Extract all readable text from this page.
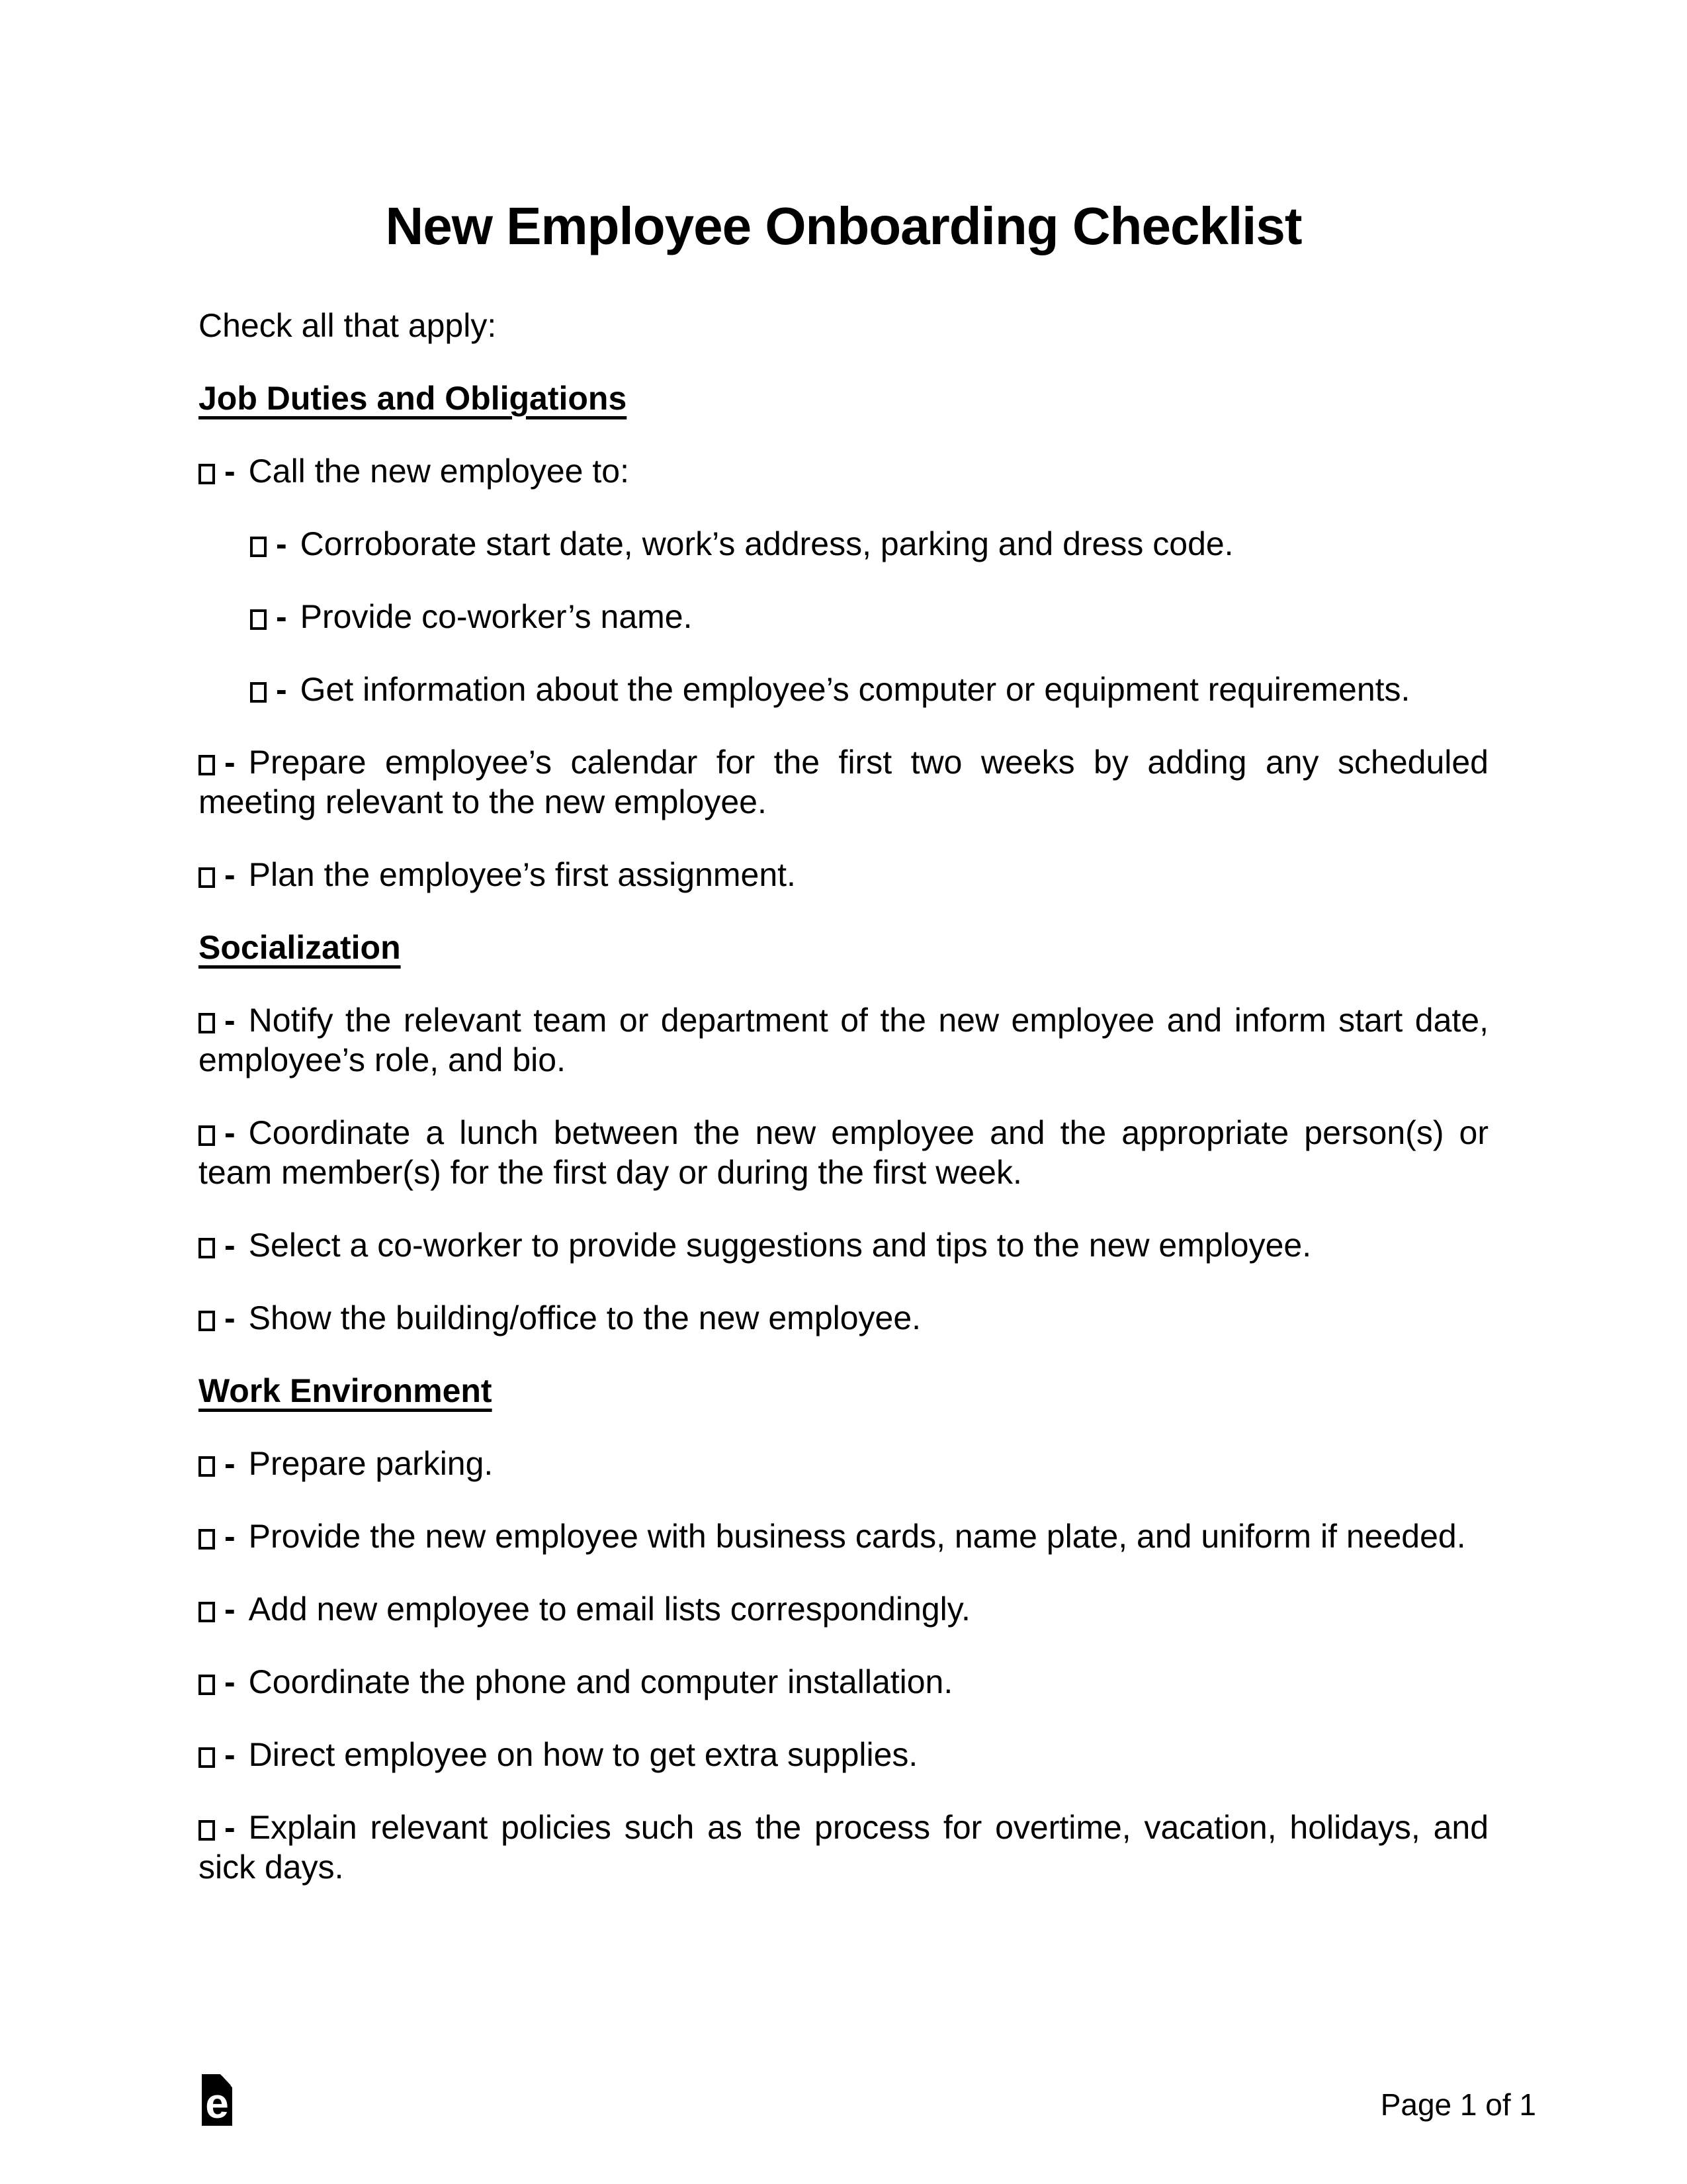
New Employee Onboarding Checklist

Check all that apply:

Job Duties and Obligations

- Call the new employee to:

- Corroborate start date, work’s address, parking and dress code.

- Provide co-worker’s name.

- Get information about the employee’s computer or equipment requirements.

- Prepare employee’s calendar for the first two weeks by adding any scheduled meeting relevant to the new employee.

- Plan the employee’s first assignment.

Socialization

- Notify the relevant team or department of the new employee and inform start date, employee’s role, and bio.

- Coordinate a lunch between the new employee and the appropriate person(s) or team member(s) for the first day or during the first week.

- Select a co-worker to provide suggestions and tips to the new employee.

- Show the building/office to the new employee.

Work Environment

- Prepare parking.

- Provide the new employee with business cards, name plate, and uniform if needed.

- Add new employee to email lists correspondingly.

- Coordinate the phone and computer installation.

- Direct employee on how to get extra supplies.

- Explain relevant policies such as the process for overtime, vacation, holidays, and sick days.

e	Page 1 of 1
